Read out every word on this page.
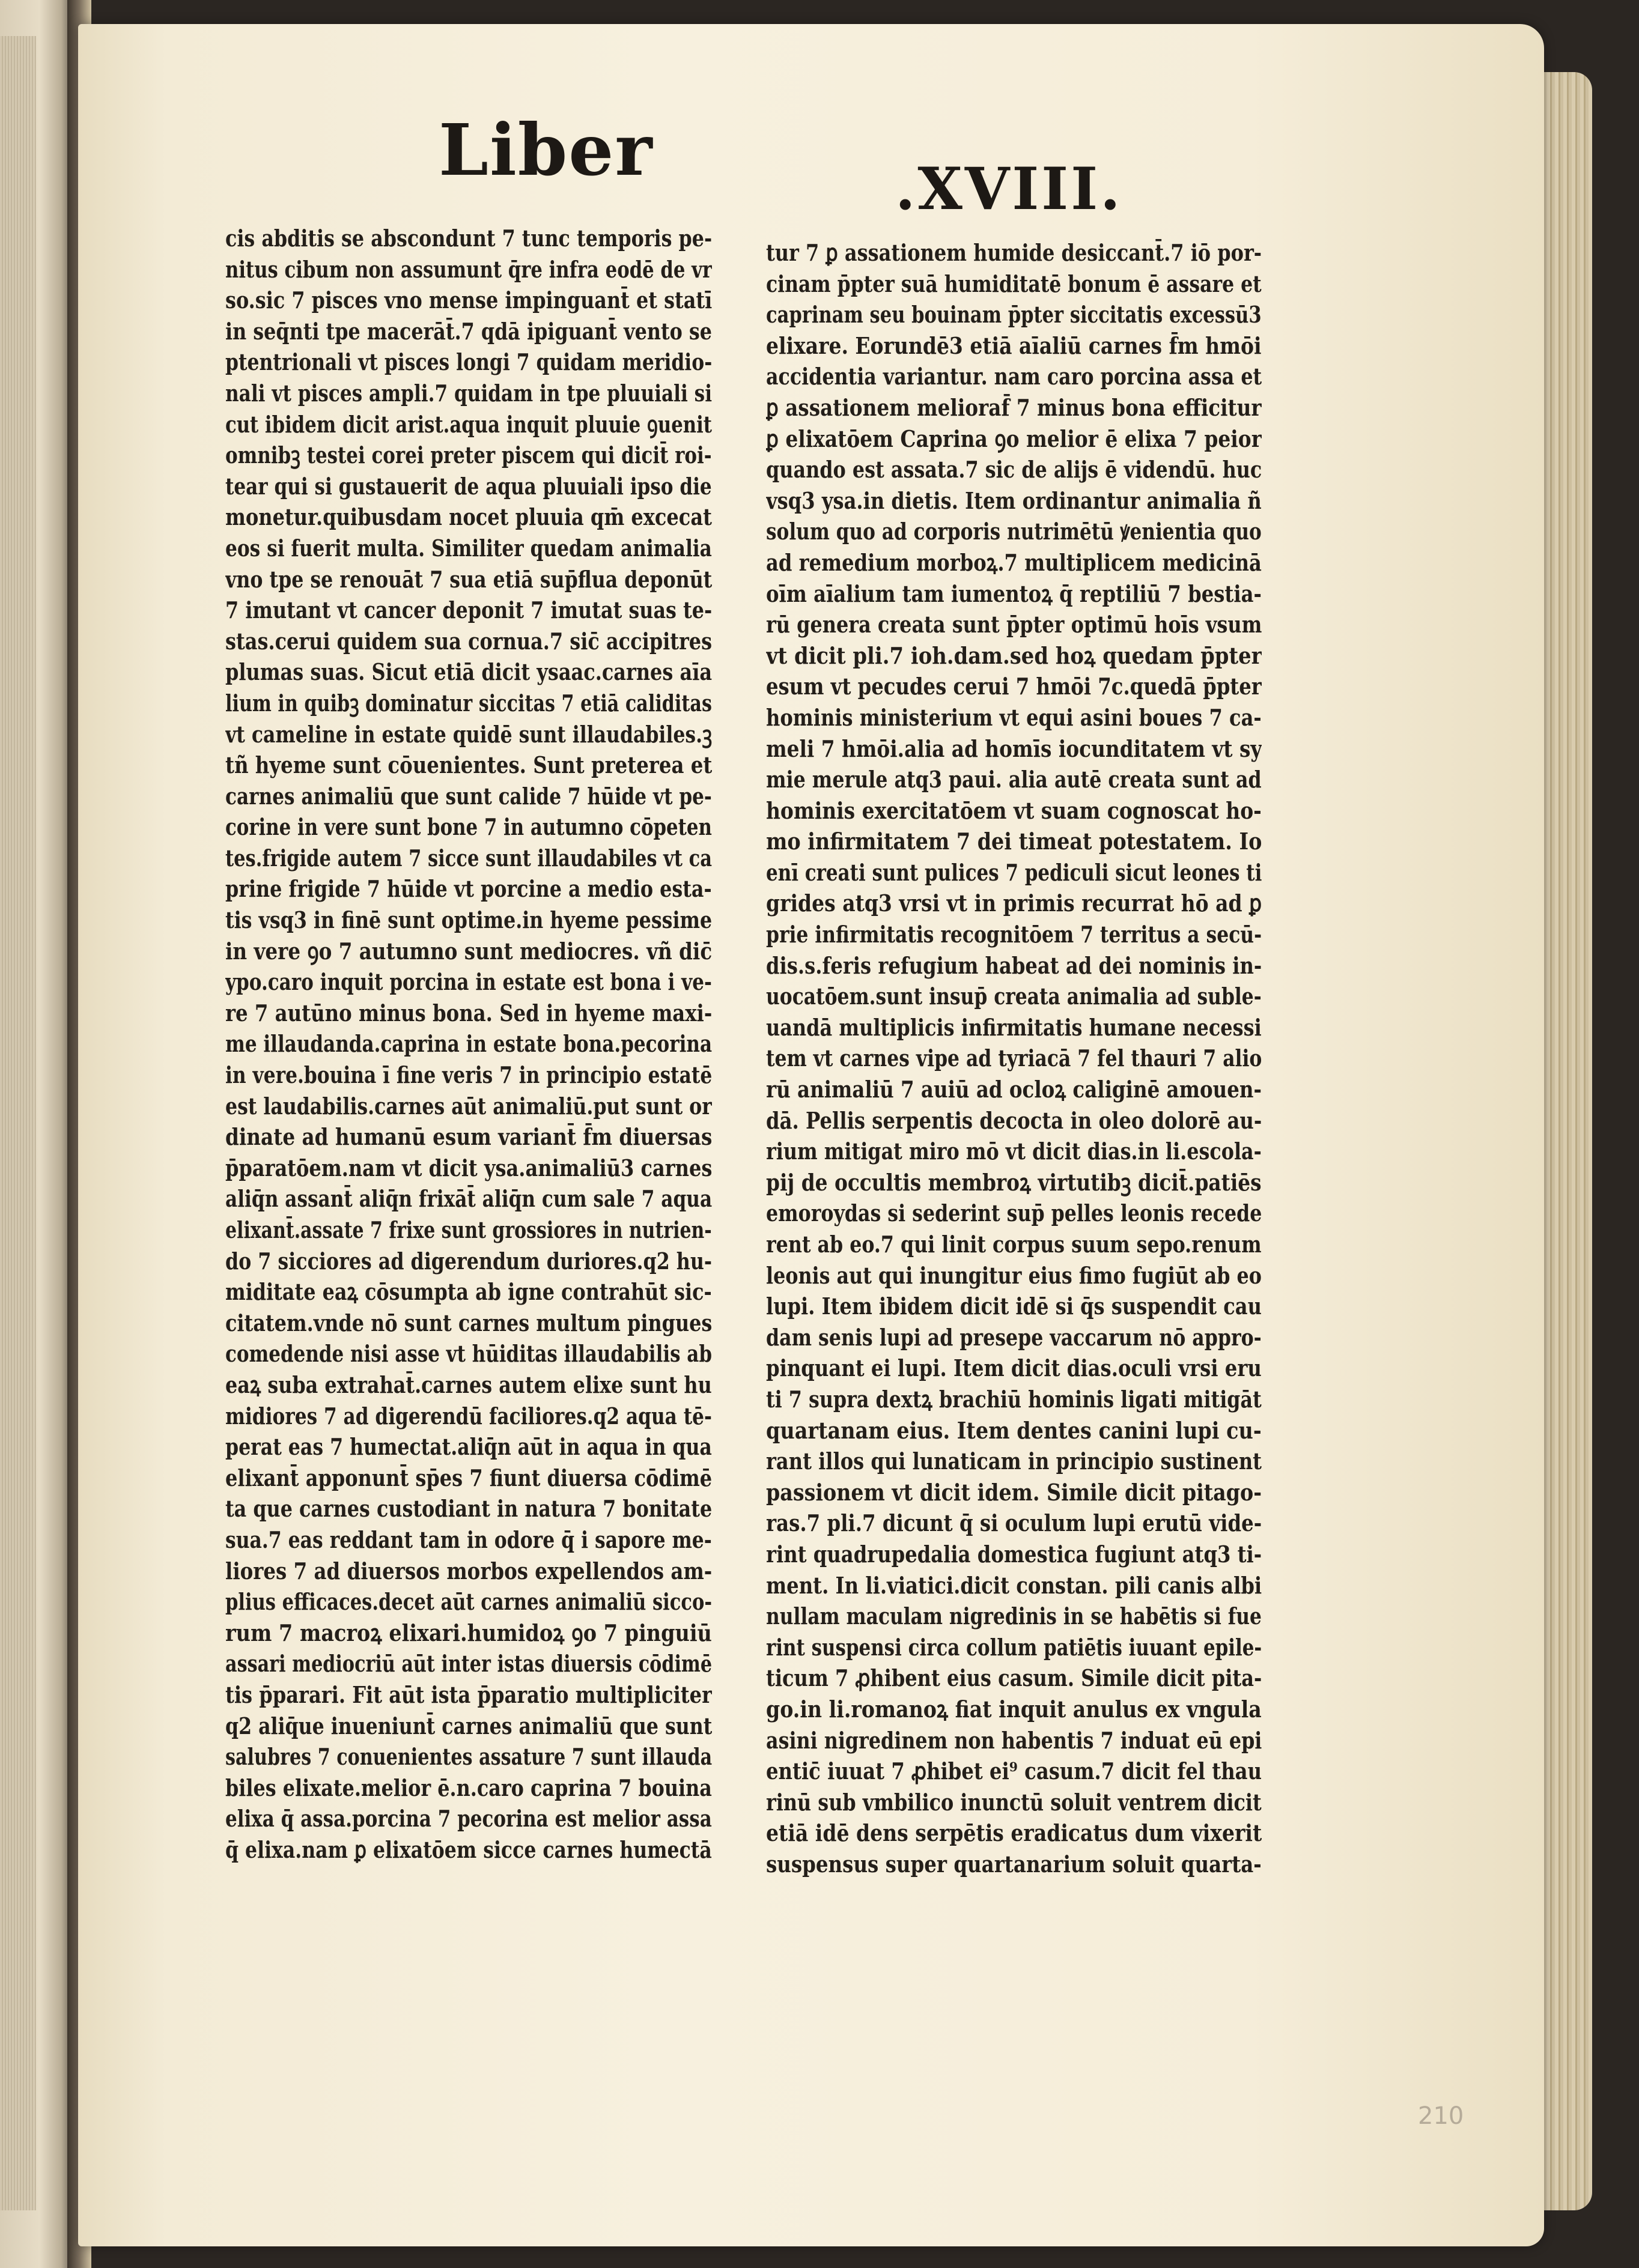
Liber	.XVIII.
cis abditis se abscondunt 7 tunc temporis pe-
nitus cibum non assumunt q̄re infra eodē de vr
so.sic 7 pisces vno mense impinguant̄ et statī
in seq̄nti tpe macerāt̄.7 qdā ipiguant̄ vento se
ptentrionali vt pisces longi 7 quidam meridio-
nali vt pisces ampli.7 quidam in tpe pluuiali si
cut ibidem dicit arist.aqua inquit pluuie ꝯuenit
omnibꝫ testei corei preter piscem qui dicit̄ roi-
tear qui si gustauerit de aqua pluuiali ipso die
monetur.quibusdam nocet pluuia qm̄ excecat
eos si fuerit multa. Similiter quedam animalia
vno tpe se renouāt 7 sua etiā sup̄flua deponūt
7 imutant vt cancer deponit 7 imutat suas te-
stas.cerui quidem sua cornua.7 sic̄ accipitres
plumas suas. Sicut etiā dicit ysaac.carnes aīa
lium in quibꝫ dominatur siccitas 7 etiā caliditas
vt cameline in estate quidē sunt illaudabiles.ꝫ
tñ hyeme sunt cōuenientes. Sunt preterea et
carnes animaliū que sunt calide 7 hūide vt pe-
corine in vere sunt bone 7 in autumno cōpeten
tes.frigide autem 7 sicce sunt illaudabiles vt ca
prine frigide 7 hūide vt porcine a medio esta-
tis vsq3 in finē sunt optime.in hyeme pessime
in vere ꝯo 7 autumno sunt mediocres. vñ dic̄
ypo.caro inquit porcina in estate est bona i ve-
re 7 autūno minus bona. Sed in hyeme maxi-
me illaudanda.caprina in estate bona.pecorina
in vere.bouina ī fine veris 7 in principio estatē
est laudabilis.carnes aūt animaliū.put sunt or
dinate ad humanū esum variant̄ f̄m diuersas
p̄paratōem.nam vt dicit ysa.animaliū3 carnes
aliq̄n assant̄ aliq̄n frixāt̄ aliq̄n cum sale 7 aqua
elixant̄.assate 7 frixe sunt grossiores in nutrien-
do 7 sicciores ad digerendum duriores.q2 hu-
miditate eaꝝ cōsumpta ab igne contrahūt sic-
citatem.vnde nō sunt carnes multum pingues
comedende nisi asse vt hūiditas illaudabilis ab
eaꝝ suba extrahat̄.carnes autem elixe sunt hu
midiores 7 ad digerendū faciliores.q2 aqua tē-
perat eas 7 humectat.aliq̄n aūt in aqua in qua
elixant̄ apponunt̄ sp̄es 7 fiunt diuersa cōdimē
ta que carnes custodiant in natura 7 bonitate
sua.7 eas reddant tam in odore q̄ i sapore me-
liores 7 ad diuersos morbos expellendos am-
plius efficaces.decet aūt carnes animaliū sicco-
rum 7 macroꝝ elixari.humidoꝝ ꝯo 7 pinguiū
assari mediocriū aūt inter istas diuersis cōdimē
tis p̄parari. Fit aūt ista p̄paratio multipliciter
q2 aliq̄ue inueniunt̄ carnes animaliū que sunt
salubres 7 conuenientes assature 7 sunt illauda
biles elixate.melior ē.n.caro caprina 7 bouina
elixa q̄ assa.porcina 7 pecorina est melior assa
q̄ elixa.nam ꝑ elixatōem sicce carnes humectā
tur 7 ꝑ assationem humide desiccant̄.7 iō por-
cinam p̄pter suā humiditatē bonum ē assare et
caprinam seu bouinam p̄pter siccitatis excessū3
elixare. Eorundē3 etiā aīaliū carnes f̄m hmōi
accidentia variantur. nam caro porcina assa et
ꝑ assationem melioraf̄ 7 minus bona efficitur
ꝑ elixatōem Caprina ꝯo melior ē elixa 7 peior
quando est assata.7 sic de alijs ē videndū. huc
vsq3 ysa.in dietis. Item ordinantur animalia ñ
solum quo ad corporis nutrimētū ꝟenientia quo
ad remedium morboꝝ.7 multiplicem medicinā
oīm aīalium tam iumentoꝝ q̄ reptiliū 7 bestia-
rū genera creata sunt p̄pter optimū hoīs vsum
vt dicit pli.7 ioh.dam.sed hoꝝ quedam p̄pter
esum vt pecudes cerui 7 hmōi 7c.quedā p̄pter
hominis ministerium vt equi asini boues 7 ca-
meli 7 hmōi.alia ad homīs iocunditatem vt sy
mie merule atq3 paui. alia autē creata sunt ad
hominis exercitatōem vt suam cognoscat ho-
mo infirmitatem 7 dei timeat potestatem. Io
enī creati sunt pulices 7 pediculi sicut leones ti
grides atq3 vrsi vt in primis recurrat hō ad ꝑ
prie infirmitatis recognitōem 7 territus a secū-
dis.s.feris refugium habeat ad dei nominis in-
uocatōem.sunt insup̄ creata animalia ad suble-
uandā multiplicis infirmitatis humane necessi
tem vt carnes vipe ad tyriacā 7 fel thauri 7 alio
rū animaliū 7 auiū ad ocloꝝ caliginē amouen-
dā. Pellis serpentis decocta in oleo dolorē au-
rium mitigat miro mō vt dicit dias.in li.escola-
pij de occultis membroꝝ virtutibꝫ dicit̄.patiēs
emoroydas si sederint sup̄ pelles leonis recede
rent ab eo.7 qui linit corpus suum sepo.renum
leonis aut qui inungitur eius fimo fugiūt ab eo
lupi. Item ibidem dicit idē si q̄s suspendit cau
dam senis lupi ad presepe vaccarum nō appro-
pinquant ei lupi. Item dicit dias.oculi vrsi eru
ti 7 supra dextꝝ brachiū hominis ligati mitigāt
quartanam eius. Item dentes canini lupi cu-
rant illos qui lunaticam in principio sustinent
passionem vt dicit idem. Simile dicit pitago-
ras.7 pli.7 dicunt q̄ si oculum lupi erutū vide-
rint quadrupedalia domestica fugiunt atq3 ti-
ment. In li.viatici.dicit constan. pili canis albi
nullam maculam nigredinis in se habētis si fue
rint suspensi circa collum patiētis iuuant epile-
ticum 7 ꝓhibent eius casum. Simile dicit pita-
go.in li.romanoꝝ fiat inquit anulus ex vngula
asini nigredinem non habentis 7 induat eū epi
entic̄ iuuat 7 ꝓhibet ei⁹ casum.7 dicit fel thau
rinū sub vmbilico inunctū soluit ventrem dicit
etiā idē dens serpētis eradicatus dum vixerit
suspensus super quartanarium soluit quarta-
210
